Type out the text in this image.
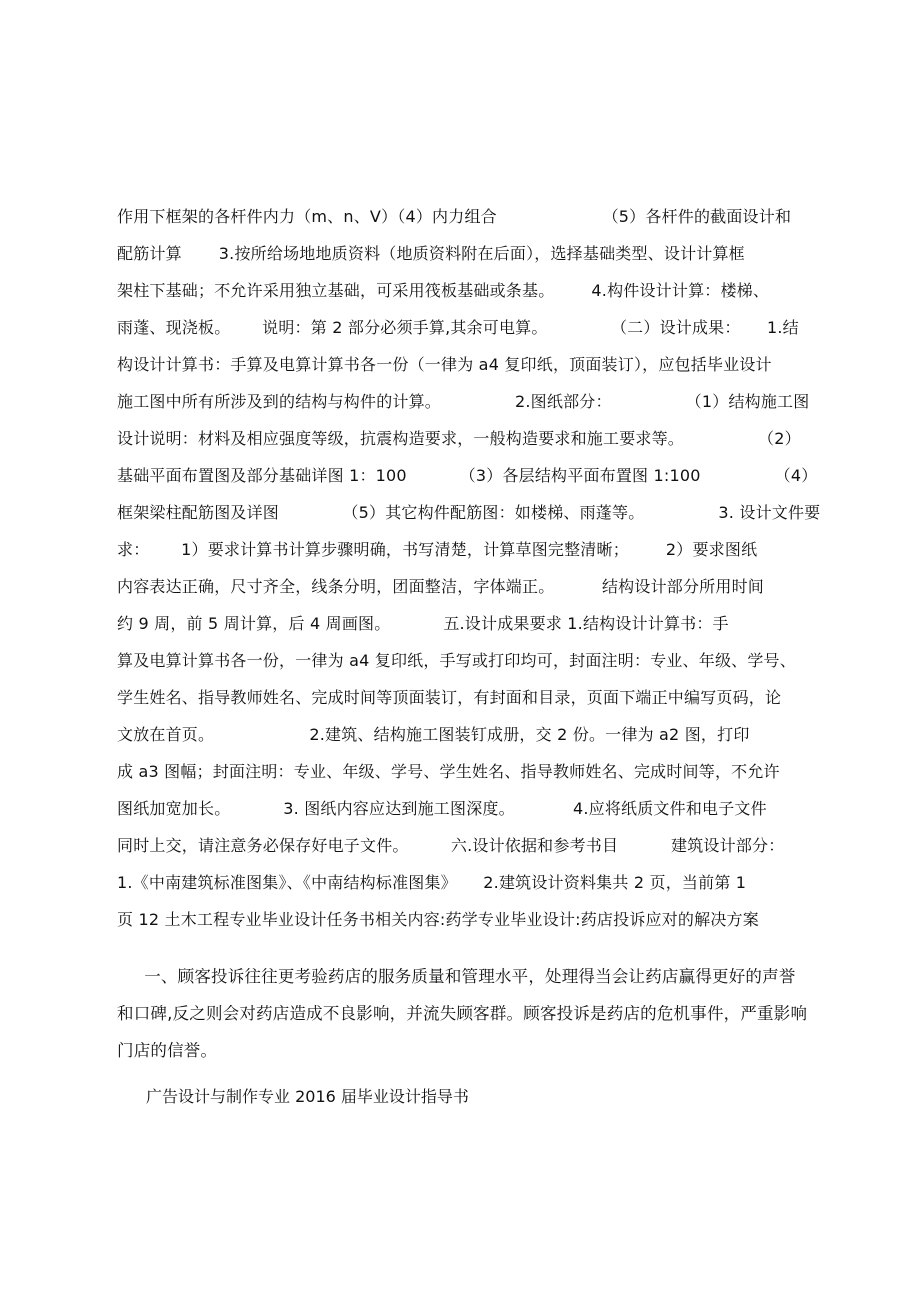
作用下框架的各杆件内力（m、n、V）（4）内力组合                    （5）各杆件的截面设计和
配筋计算       3.按所给场地地质资料（地质资料附在后面），选择基础类型、设计计算框
架柱下基础；不允许采用独立基础，可采用筏板基础或条基。       4.构件设计计算：楼梯、
雨蓬、现浇板。      说明：第 2 部分必须手算,其余可电算。            （二）设计成果：     1.结
构设计计算书：手算及电算计算书各一份（一律为 a4 复印纸，顶面装订），应包括毕业设计
施工图中所有所涉及到的结构与构件的计算。              2.图纸部分：              （1）结构施工图
设计说明：材料及相应强度等级，抗震构造要求，一般构造要求和施工要求等。              （2）
基础平面布置图及部分基础详图 1：100          （3）各层结构平面布置图 1:100              （4）
框架梁柱配筋图及详图            （5）其它构件配筋图：如楼梯、雨蓬等。              3. 设计文件要
求：      1）要求计算书计算步骤明确，书写清楚，计算草图完整清晰；       2）要求图纸
内容表达正确，尺寸齐全，线条分明，团面整洁，字体端正。         结构设计部分所用时间
约 9 周，前 5 周计算，后 4 周画图。          五.设计成果要求 1.结构设计计算书：手
算及电算计算书各一份，一律为 a4 复印纸，手写或打印均可，封面注明：专业、年级、学号、
学生姓名、指导教师姓名、完成时间等顶面装订，有封面和目录，页面下端正中编写页码，论
文放在首页。                  2.建筑、结构施工图装钉成册，交 2 份。一律为 a2 图，打印
成 a3 图幅；封面注明：专业、年级、学号、学生姓名、指导教师姓名、完成时间等，不允许
图纸加宽加长。          3. 图纸内容应达到施工图深度。           4.应将纸质文件和电子文件
同时上交，请注意务必保存好电子文件。        六.设计依据和参考书目          建筑设计部分：
1.《中南建筑标准图集》、《中南结构标准图集》     2.建筑设计资料集共 2 页，当前第 1
页 12 土木工程专业毕业设计任务书相关内容:药学专业毕业设计:药店投诉应对的解决方案
一、顾客投诉往往更考验药店的服务质量和管理水平，处理得当会让药店赢得更好的声誉
和口碑,反之则会对药店造成不良影响，并流失顾客群。顾客投诉是药店的危机事件，严重影响
门店的信誉。
广告设计与制作专业 2016 届毕业设计指导书
